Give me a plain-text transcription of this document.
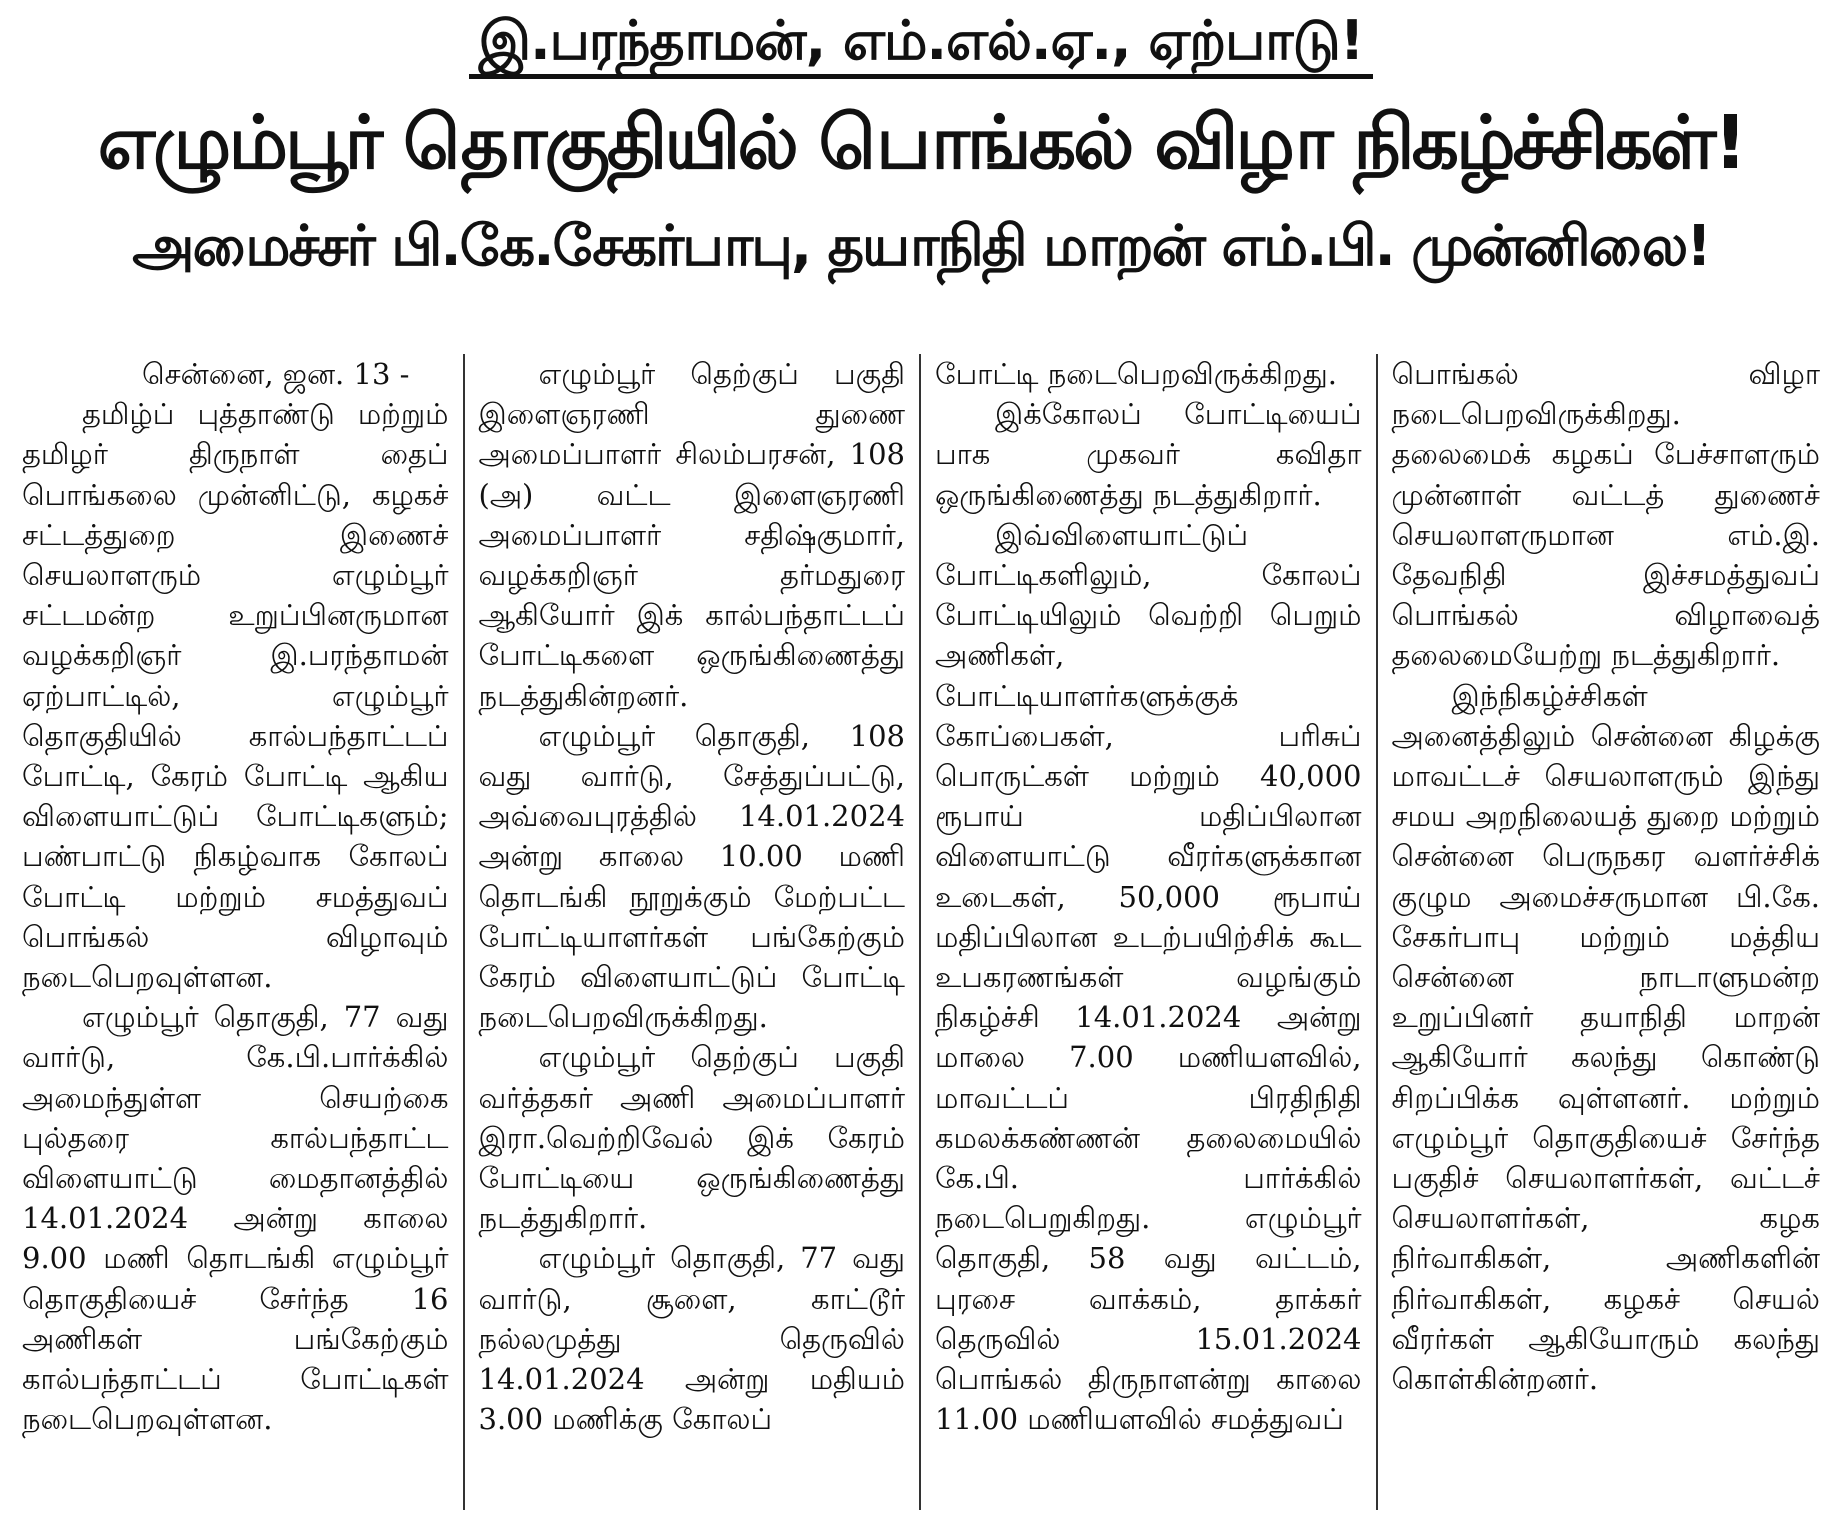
இ.பரந்தாமன், எம்.எல்.ஏ., ஏற்பாடு!
எழும்பூர் தொகுதியில் பொங்கல் விழா நிகழ்ச்சிகள்!
அமைச்சர் பி.கே.சேகர்பாபு, தயாநிதி மாறன் எம்.பி. முன்னிலை!

சென்னை, ஜன. 13 -

தமிழ்ப் புத்தாண்டு மற்றும் தமிழர் திருநாள் தைப் பொங்கலை முன்னிட்டு, கழகச் சட்டத்துறை இணைச் செயலாளரும் எழும்பூர் சட்டமன்ற உறுப்பினருமான வழக்கறிஞர் இ.பரந்தாமன் ஏற்பாட்டில், எழும்பூர் தொகுதியில் கால்பந்தாட்டப் போட்டி, கேரம் போட்டி ஆகிய விளையாட்டுப் போட்டிகளும்; பண்பாட்டு நிகழ்வாக கோலப் போட்டி மற்றும் சமத்துவப் பொங்கல் விழாவும் நடைபெறவுள்ளன.

எழும்பூர் தொகுதி, 77 வது வார்டு, கே.பி.பார்க்கில் அமைந்துள்ள செயற்கை புல்தரை கால்பந்தாட்ட விளையாட்டு மைதானத்தில் 14.01.2024 அன்று காலை 9.00 மணி தொடங்கி எழும்பூர் தொகுதியைச் சேர்ந்த 16 அணிகள் பங்கேற்கும் கால்பந்தாட்டப் போட்டிகள் நடைபெறவுள்ளன.

எழும்பூர் தெற்குப் பகுதி இளைஞரணி துணை அமைப்பாளர் சிலம்பரசன், 108 (அ) வட்ட இளைஞரணி அமைப்பாளர் சதிஷ்குமார், வழக்கறிஞர் தர்மதுரை ஆகியோர் இக் கால்பந்தாட்டப் போட்டிகளை ஒருங்கிணைத்து நடத்துகின்றனர்.

எழும்பூர் தொகுதி, 108 வது வார்டு, சேத்துப்பட்டு, அவ்வைபுரத்தில் 14.01.2024 அன்று காலை 10.00 மணி தொடங்கி நூறுக்கும் மேற்பட்ட போட்டியாளர்கள் பங்கேற்கும் கேரம் விளையாட்டுப் போட்டி நடைபெறவிருக்கிறது.

எழும்பூர் தெற்குப் பகுதி வர்த்தகர் அணி அமைப்பாளர் இரா.வெற்றிவேல் இக் கேரம் போட்டியை ஒருங்கிணைத்து நடத்துகிறார்.

எழும்பூர் தொகுதி, 77 வது வார்டு, சூளை, காட்டூர் நல்லமுத்து தெருவில் 14.01.2024 அன்று மதியம் 3.00 மணிக்கு கோலப்

போட்டி நடைபெறவிருக்கிறது.

இக்கோலப் போட்டியைப் பாக முகவர் கவிதா ஒருங்கிணைத்து நடத்துகிறார்.

இவ்விளையாட்டுப் போட்டிகளிலும், கோலப் போட்டியிலும் வெற்றி பெறும் அணிகள், போட்டியாளர்களுக்குக் கோப்பைகள், பரிசுப் பொருட்கள் மற்றும் 40,000 ரூபாய் மதிப்பிலான விளையாட்டு வீரர்களுக்கான உடைகள், 50,000 ரூபாய் மதிப்பிலான உடற்பயிற்சிக் கூட உபகரணங்கள் வழங்கும் நிகழ்ச்சி 14.01.2024 அன்று மாலை 7.00 மணியளவில், மாவட்டப் பிரதிநிதி கமலக்கண்ணன் தலைமையில் கே.பி. பார்க்கில் நடைபெறுகிறது. எழும்பூர் தொகுதி, 58 வது வட்டம், புரசை வாக்கம், தாக்கர் தெருவில் 15.01.2024 பொங்கல் திருநாளன்று காலை 11.00 மணியளவில் சமத்துவப்

பொங்கல் விழா நடைபெறவிருக்கிறது. தலைமைக் கழகப் பேச்சாளரும் முன்னாள் வட்டத் துணைச் செயலாளருமான எம்.இ. தேவநிதி இச்சமத்துவப் பொங்கல் விழாவைத் தலைமையேற்று நடத்துகிறார்.

இந்நிகழ்ச்சிகள் அனைத்திலும் சென்னை கிழக்கு மாவட்டச் செயலாளரும் இந்து சமய அறநிலையத் துறை மற்றும் சென்னை பெருநகர வளர்ச்சிக் குழும அமைச்சருமான பி.கே. சேகர்பாபு மற்றும் மத்திய சென்னை நாடாளுமன்ற உறுப்பினர் தயாநிதி மாறன் ஆகியோர் கலந்து கொண்டு சிறப்பிக்க வுள்ளனர். மற்றும் எழும்பூர் தொகுதியைச் சேர்ந்த பகுதிச் செயலாளர்கள், வட்டச் செயலாளர்கள், கழக நிர்வாகிகள், அணிகளின் நிர்வாகிகள், கழகச் செயல் வீரர்கள் ஆகியோரும் கலந்து கொள்கின்றனர்.
